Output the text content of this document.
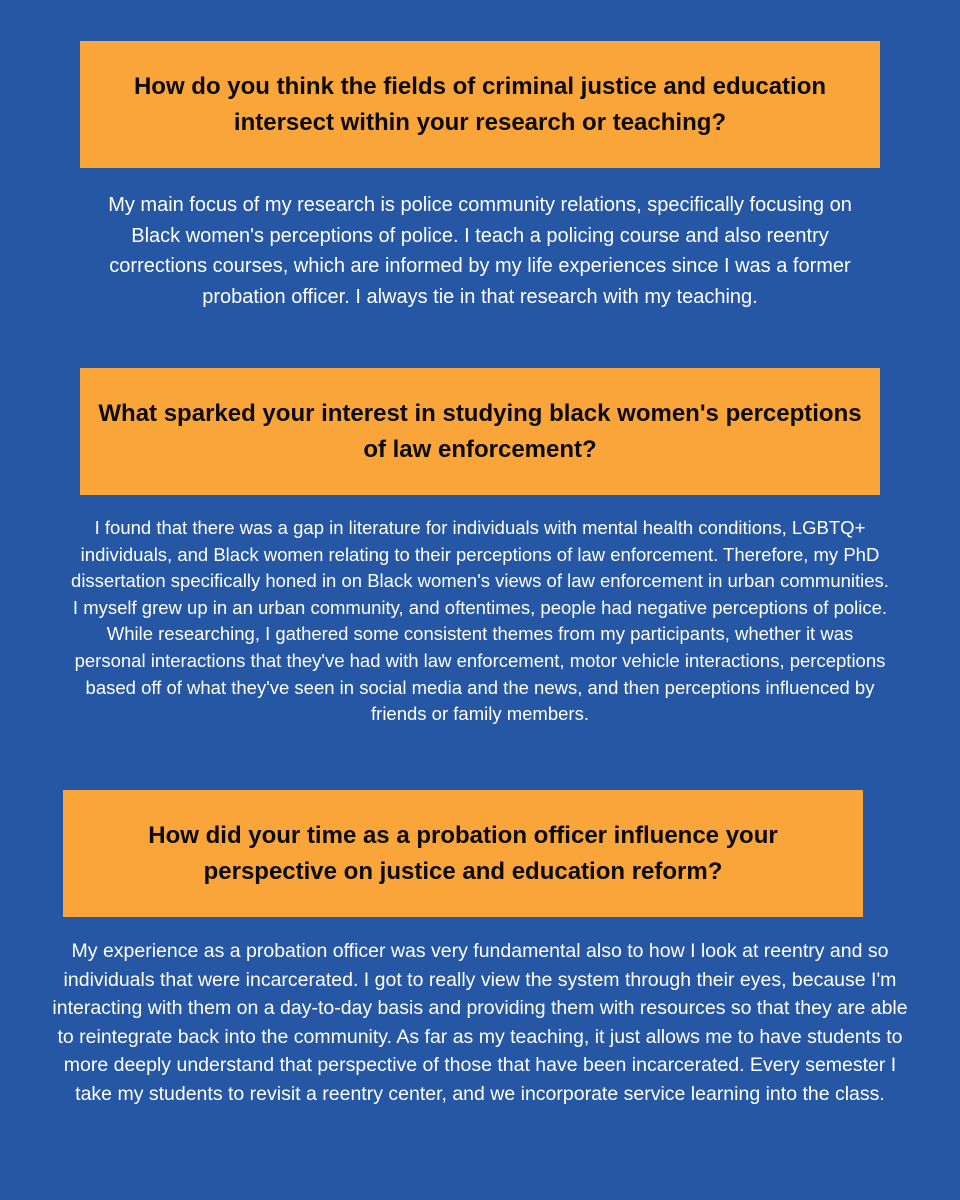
How do you think the fields of criminal justice and education intersect within your research or teaching?

My main focus of my research is police community relations, specifically focusing on Black women's perceptions of police. I teach a policing course and also reentry corrections courses, which are informed by my life experiences since I was a former probation officer. I always tie in that research with my teaching.

What sparked your interest in studying black women's perceptions of law enforcement?

I found that there was a gap in literature for individuals with mental health conditions, LGBTQ+ individuals, and Black women relating to their perceptions of law enforcement. Therefore, my PhD dissertation specifically honed in on Black women's views of law enforcement in urban communities. I myself grew up in an urban community, and oftentimes, people had negative perceptions of police. While researching, I gathered some consistent themes from my participants, whether it was personal interactions that they've had with law enforcement, motor vehicle interactions, perceptions based off of what they've seen in social media and the news, and then perceptions influenced by friends or family members.

How did your time as a probation officer influence your perspective on justice and education reform?

My experience as a probation officer was very fundamental also to how I look at reentry and so individuals that were incarcerated. I got to really view the system through their eyes, because I'm interacting with them on a day-to-day basis and providing them with resources so that they are able to reintegrate back into the community. As far as my teaching, it just allows me to have students to more deeply understand that perspective of those that have been incarcerated. Every semester I take my students to revisit a reentry center, and we incorporate service learning into the class.
